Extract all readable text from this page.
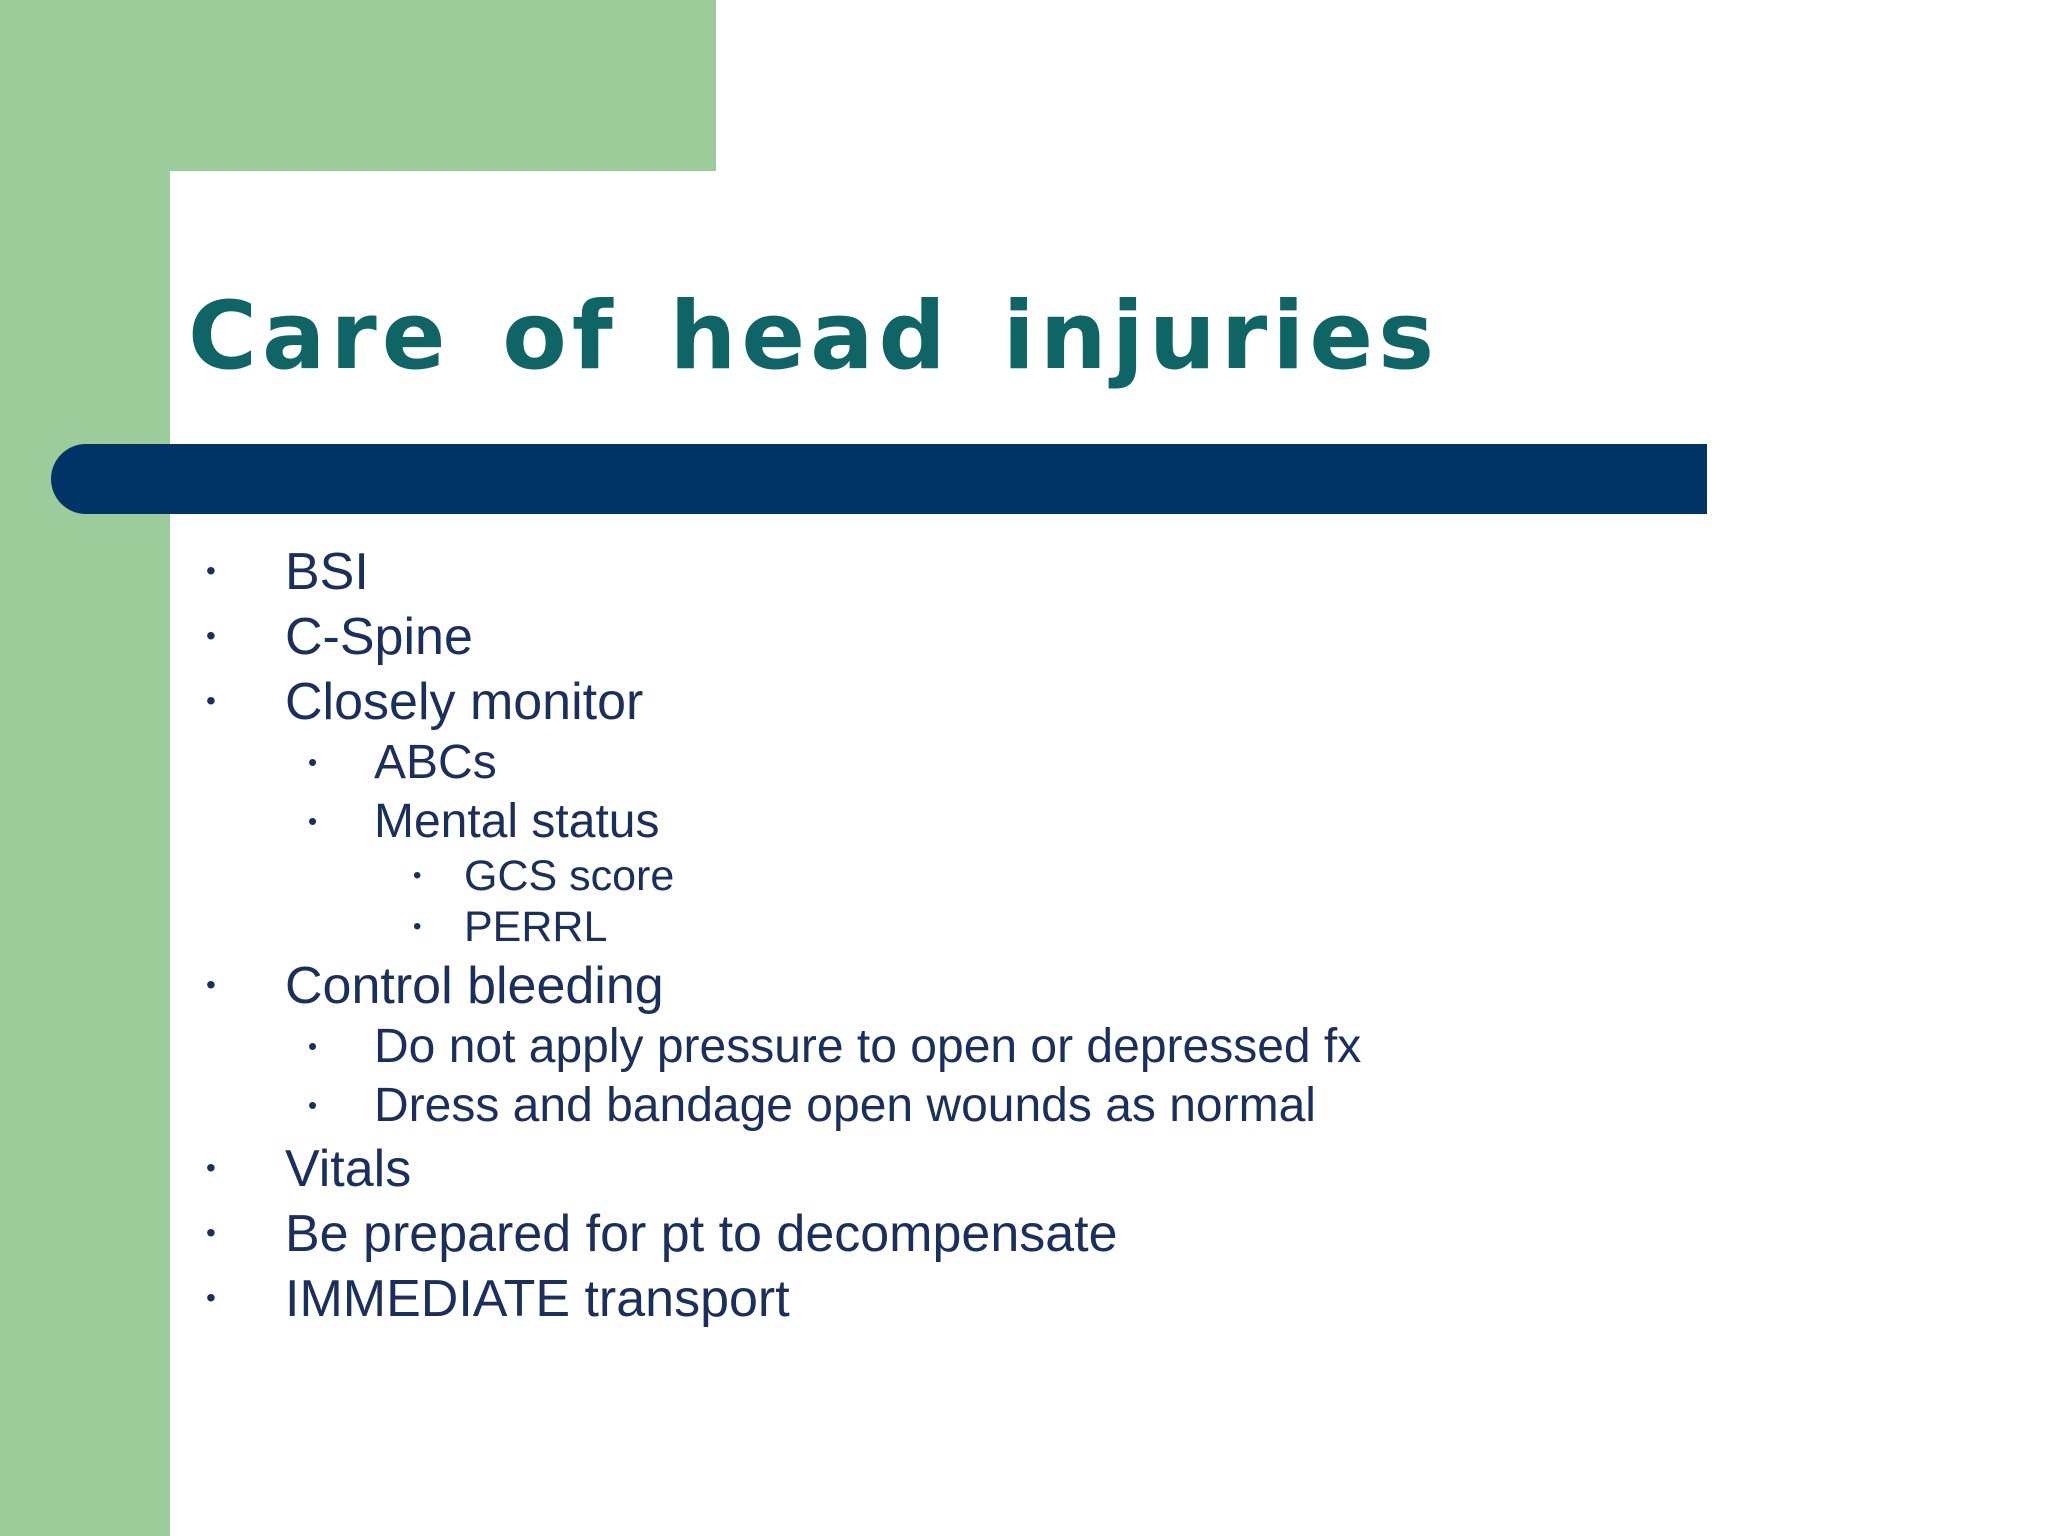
Care of head injuries
• BSI
• C-Spine
• Closely monitor
• ABCs
• Mental status
• GCS score
• PERRL
• Control bleeding
• Do not apply pressure to open or depressed fx
• Dress and bandage open wounds as normal
• Vitals
• Be prepared for pt to decompensate
• IMMEDIATE transport
